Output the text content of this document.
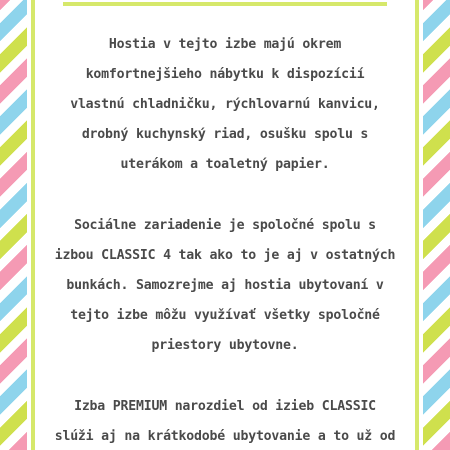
Hostia v tejto izbe majú okrem
komfortnejšieho nábytku k dispozícií
vlastnú chladničku, rýchlovarnú kanvicu,
drobný kuchynský riad, osušku spolu s
uterákom a toaletný papier.

Sociálne zariadenie je spoločné spolu s
izbou CLASSIC 4 tak ako to je aj v ostatných
bunkách. Samozrejme aj hostia ubytovaní v
tejto izbe môžu využívať všetky spoločné
priestory ubytovne.

Izba PREMIUM narozdiel od izieb CLASSIC
slúži aj na krátkodobé ubytovanie a to už od
